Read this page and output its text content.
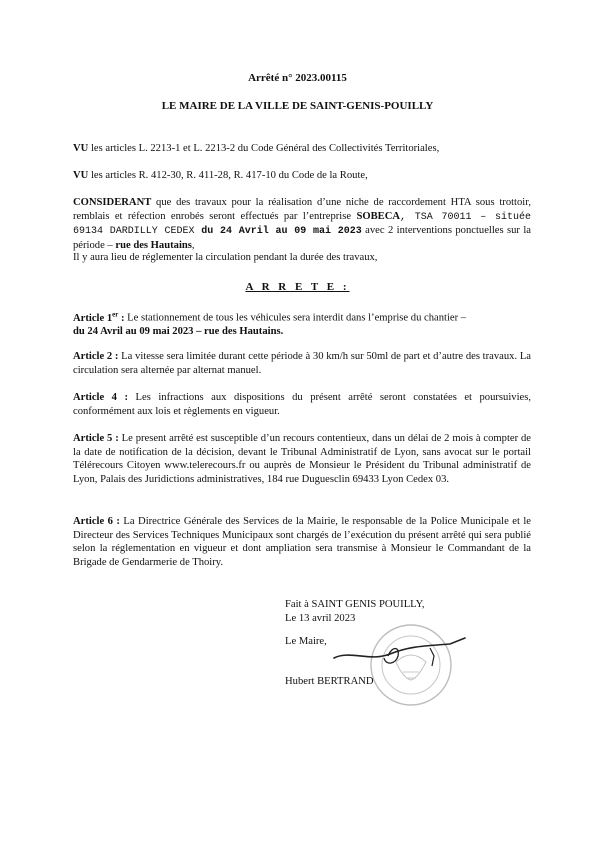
Arrêté n° 2023.00115
LE MAIRE DE LA VILLE DE SAINT-GENIS-POUILLY
VU les articles L. 2213-1 et L. 2213-2 du Code Général des Collectivités Territoriales,
VU les articles R. 412-30, R. 411-28, R. 417-10 du Code de la Route,
CONSIDERANT que des travaux pour la réalisation d’une niche de raccordement HTA sous trottoir, remblais et réfection enrobés seront effectués par l’entreprise SOBECA, TSA 70011 – située 69134 DARDILLY CEDEX du 24 Avril au 09 mai 2023 avec 2 interventions ponctuelles sur la période – rue des Hautains,
Il y aura lieu de réglementer la circulation pendant la durée des travaux,
A R R E T E :
Article 1er : Le stationnement de tous les véhicules sera interdit dans l’emprise du chantier –
du 24 Avril au 09 mai 2023 – rue des Hautains.
Article 2 : La vitesse sera limitée durant cette période à 30 km/h sur 50ml de part et d’autre des travaux. La circulation sera alternée par alternat manuel.
Article 4 : Les infractions aux dispositions du présent arrêté seront constatées et poursuivies, conformément aux lois et règlements en vigueur.
Article 5 : Le present arrêté est susceptible d’un recours contentieux, dans un délai de 2 mois à compter de la date de notification de la décision, devant le Tribunal Administratif de Lyon, sans avocat sur le portail Télérecours Citoyen www.telerecours.fr ou auprès de Monsieur le Président du Tribunal administratif de Lyon, Palais des Juridictions administratives, 184 rue Duguesclin 69433 Lyon Cedex 03.
Article 6 : La Directrice Générale des Services de la Mairie, le responsable de la Police Municipale et le Directeur des Services Techniques Municipaux sont chargés de l’exécution du présent arrêté qui sera publié selon la réglementation en vigueur et dont ampliation sera transmise à Monsieur le Commandant de la Brigade de Gendarmerie de Thoiry.
Fait à SAINT GENIS POUILLY,
Le 13 avril 2023
Le Maire,
Hubert BERTRAND
